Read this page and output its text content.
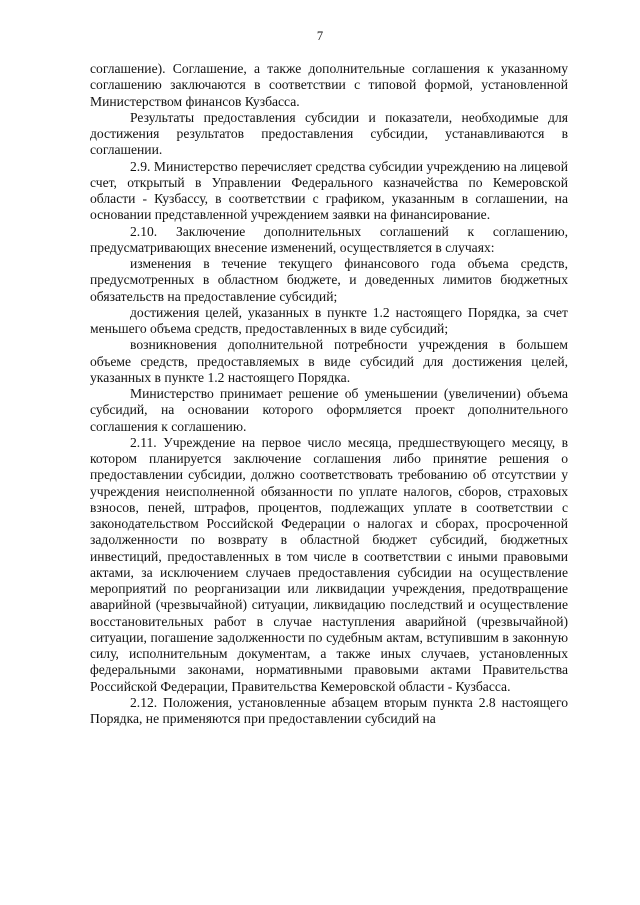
7

соглашение). Соглашение, а также дополнительные соглашения к указанному соглашению заключаются в соответствии с типовой формой, установленной Министерством финансов Кузбасса.

Результаты предоставления субсидии и показатели, необходимые для достижения результатов предоставления субсидии, устанавливаются в соглашении.

2.9. Министерство перечисляет средства субсидии учреждению на лицевой счет, открытый в Управлении Федерального казначейства по Кемеровской области - Кузбассу, в соответствии с графиком, указанным в соглашении, на основании представленной учреждением заявки на финансирование.

2.10. Заключение дополнительных соглашений к соглашению, предусматривающих внесение изменений, осуществляется в случаях:

изменения в течение текущего финансового года объема средств, предусмотренных в областном бюджете, и доведенных лимитов бюджетных обязательств на предоставление субсидий;

достижения целей, указанных в пункте 1.2 настоящего Порядка, за счет меньшего объема средств, предоставленных в виде субсидий;

возникновения дополнительной потребности учреждения в большем объеме средств, предоставляемых в виде субсидий для достижения целей, указанных в пункте 1.2 настоящего Порядка.

Министерство принимает решение об уменьшении (увеличении) объема субсидий, на основании которого оформляется проект дополнительного соглашения к соглашению.

2.11. Учреждение на первое число месяца, предшествующего месяцу, в котором планируется заключение соглашения либо принятие решения о предоставлении субсидии, должно соответствовать требованию об отсутствии у учреждения неисполненной обязанности по уплате налогов, сборов, страховых взносов, пеней, штрафов, процентов, подлежащих уплате в соответствии с законодательством Российской Федерации о налогах и сборах, просроченной задолженности по возврату в областной бюджет субсидий, бюджетных инвестиций, предоставленных в том числе в соответствии с иными правовыми актами, за исключением случаев предоставления субсидии на осуществление мероприятий по реорганизации или ликвидации учреждения, предотвращение аварийной (чрезвычайной) ситуации, ликвидацию последствий и осуществление восстановительных работ в случае наступления аварийной (чрезвычайной) ситуации, погашение задолженности по судебным актам, вступившим в законную силу, исполнительным документам, а также иных случаев, установленных федеральными законами, нормативными правовыми актами Правительства Российской Федерации, Правительства Кемеровской области - Кузбасса.

2.12. Положения, установленные абзацем вторым пункта 2.8 настоящего Порядка, не применяются при предоставлении субсидий на
